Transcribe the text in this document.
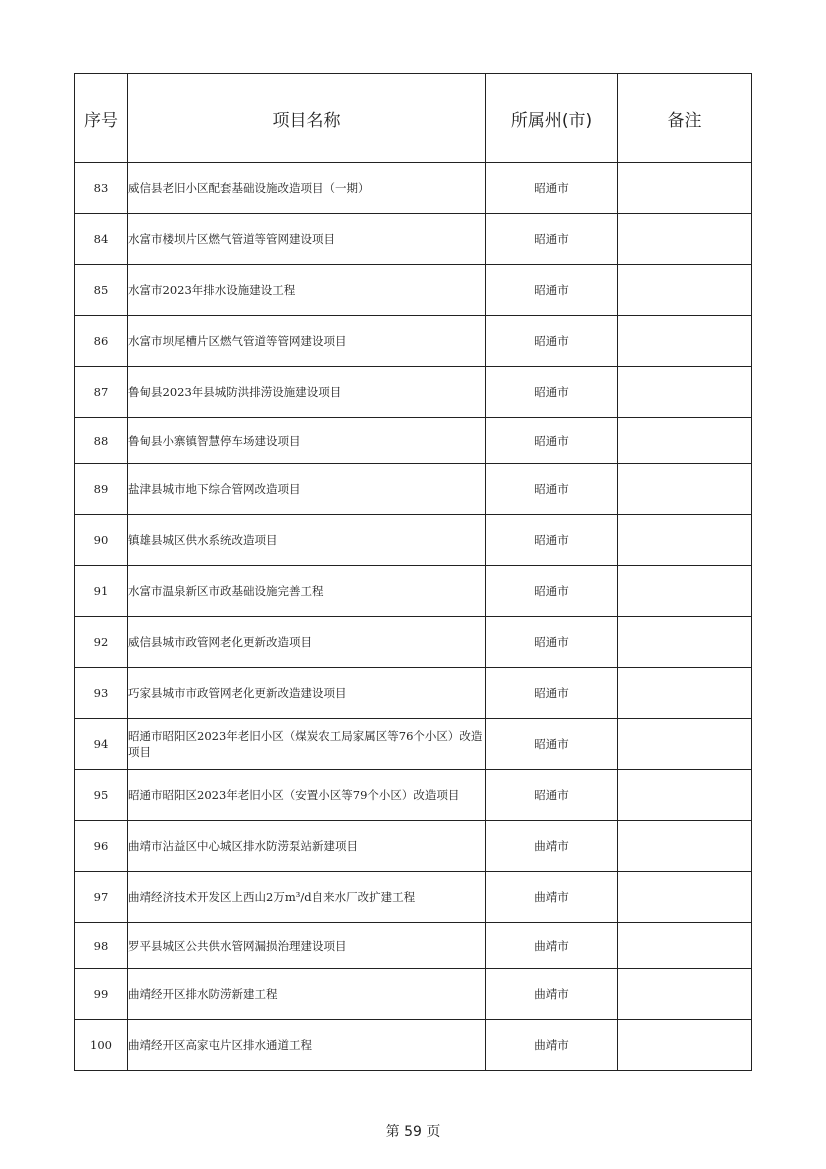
序号	项目名称	所属州(市)	备注
83	威信县老旧小区配套基础设施改造项目（一期）	昭通市	
84	水富市楼坝片区燃气管道等管网建设项目	昭通市	
85	水富市2023年排水设施建设工程	昭通市	
86	水富市坝尾槽片区燃气管道等管网建设项目	昭通市	
87	鲁甸县2023年县城防洪排涝设施建设项目	昭通市	
88	鲁甸县小寨镇智慧停车场建设项目	昭通市	
89	盐津县城市地下综合管网改造项目	昭通市	
90	镇雄县城区供水系统改造项目	昭通市	
91	水富市温泉新区市政基础设施完善工程	昭通市	
92	威信县城市政管网老化更新改造项目	昭通市	
93	巧家县城市市政管网老化更新改造建设项目	昭通市	
94	昭通市昭阳区2023年老旧小区（煤炭农工局家属区等76个小区）改造项目	昭通市	
95	昭通市昭阳区2023年老旧小区（安置小区等79个小区）改造项目	昭通市	
96	曲靖市沾益区中心城区排水防涝泵站新建项目	曲靖市	
97	曲靖经济技术开发区上西山2万m³/d自来水厂改扩建工程	曲靖市	
98	罗平县城区公共供水管网漏损治理建设项目	曲靖市	
99	曲靖经开区排水防涝新建工程	曲靖市	
100	曲靖经开区高家屯片区排水通道工程	曲靖市	
第 59 页
